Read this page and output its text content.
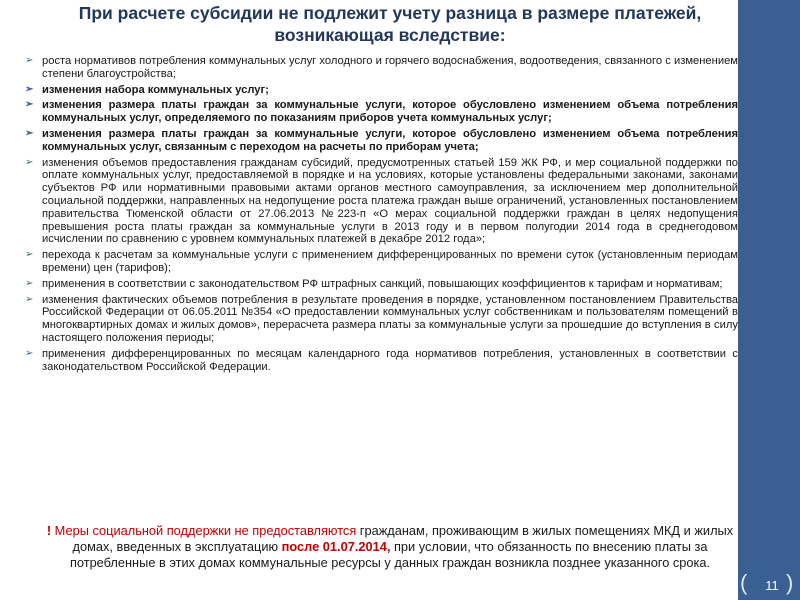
При расчете субсидии не подлежит учету разница в размере платежей, возникающая вследствие:
➢ роста нормативов потребления коммунальных услуг холодного и горячего водоснабжения, водоотведения, связанного с изменением степени благоустройства;
➢ изменения набора коммунальных услуг;
➢ изменения размера платы граждан за коммунальные услуги, которое обусловлено изменением объема потребления коммунальных услуг, определяемого по показаниям приборов учета коммунальных услуг;
➢ изменения размера платы граждан за коммунальные услуги, которое обусловлено изменением объема потребления коммунальных услуг, связанным с переходом на расчеты по приборам учета;
➢ изменения объемов предоставления гражданам субсидий, предусмотренных статьей 159 ЖК РФ, и мер социальной поддержки по оплате коммунальных услуг, предоставляемой в порядке и на условиях, которые установлены федеральными законами, законами субъектов РФ или нормативными правовыми актами органов местного самоуправления, за исключением мер дополнительной социальной поддержки, направленных на недопущение роста платежа граждан выше ограничений, установленных постановлением правительства Тюменской области от 27.06.2013 №223-п «О мерах социальной поддержки граждан в целях недопущения превышения роста платы граждан за коммунальные услуги в 2013 году и в первом полугодии 2014 года в среднегодовом исчислении по сравнению с уровнем коммунальных платежей в декабре 2012 года»;
➢ перехода к расчетам за коммунальные услуги с применением дифференцированных по времени суток (установленным периодам времени) цен (тарифов);
➢ применения в соответствии с законодательством РФ штрафных санкций, повышающих коэффициентов к тарифам и нормативам;
➢ изменения фактических объемов потребления в результате проведения в порядке, установленном постановлением Правительства Российской Федерации от 06.05.2011 №354 «О предоставлении коммунальных услуг собственникам и пользователям помещений в многоквартирных домах и жилых домов», перерасчета размера платы за коммунальные услуги за прошедшие до вступления в силу настоящего положения периоды;
➢ применения дифференцированных по месяцам календарного года нормативов потребления, установленных в соответствии с законодательством Российской Федерации.
! Меры социальной поддержки не предоставляются гражданам, проживающим в жилых помещениях МКД и жилых домах, введенных в эксплуатацию после 01.07.2014, при условии, что обязанность по внесению платы за потребленные в этих домах коммунальные ресурсы у данных граждан возникла позднее указанного срока.
(	11 )
